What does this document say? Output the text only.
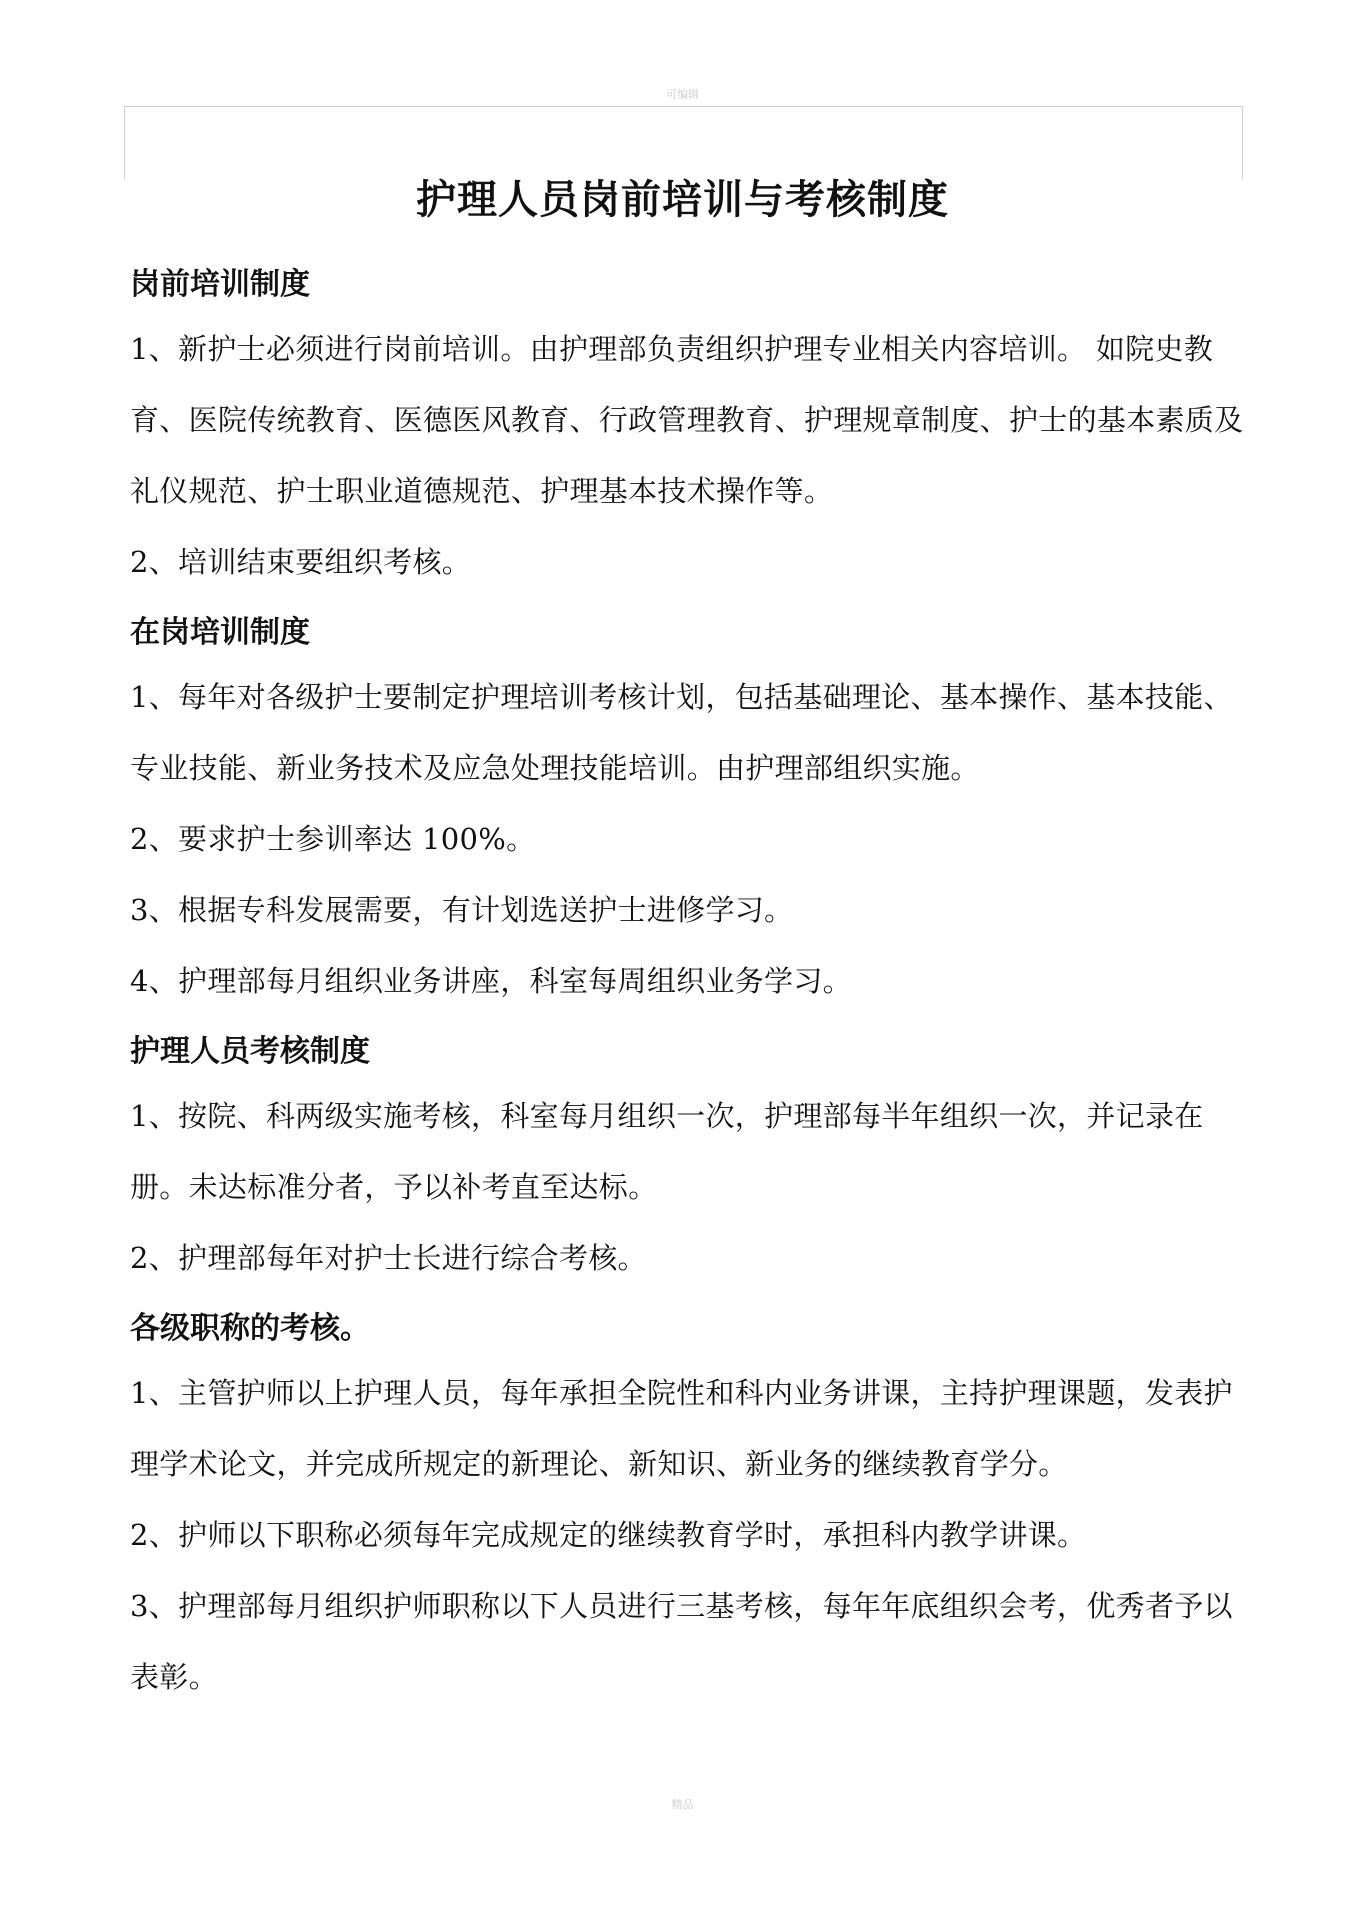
可编辑
护理人员岗前培训与考核制度
岗前培训制度

1、新护士必须进行岗前培训。由护理部负责组织护理专业相关内容培训。 如院史教育、医院传统教育、医德医风教育、行政管理教育、护理规章制度、护士的基本素质及礼仪规范、护士职业道德规范、护理基本技术操作等。

2、培训结束要组织考核。

在岗培训制度

1、每年对各级护士要制定护理培训考核计划，包括基础理论、基本操作、基本技能、专业技能、新业务技术及应急处理技能培训。由护理部组织实施。

2、要求护士参训率达 100%。

3、根据专科发展需要，有计划选送护士进修学习。

4、护理部每月组织业务讲座，科室每周组织业务学习。

护理人员考核制度

1、按院、科两级实施考核，科室每月组织一次，护理部每半年组织一次，并记录在册。未达标准分者，予以补考直至达标。

2、护理部每年对护士长进行综合考核。

各级职称的考核。

1、主管护师以上护理人员，每年承担全院性和科内业务讲课，主持护理课题，发表护理学术论文，并完成所规定的新理论、新知识、新业务的继续教育学分。

2、护师以下职称必须每年完成规定的继续教育学时，承担科内教学讲课。

3、护理部每月组织护师职称以下人员进行三基考核，每年年底组织会考，优秀者予以表彰。

精品
